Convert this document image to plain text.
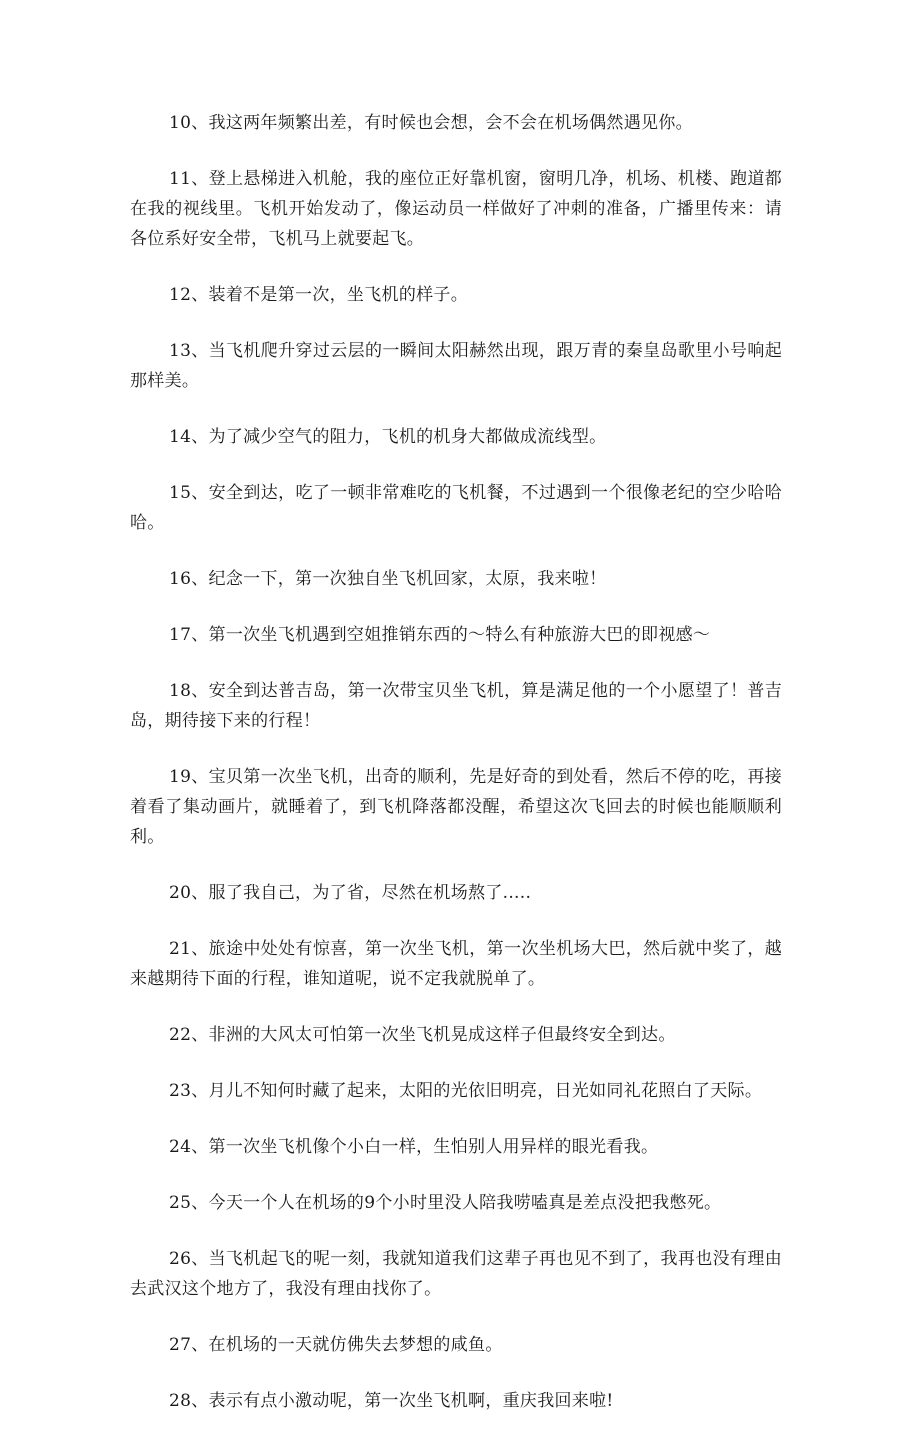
10、我这两年频繁出差，有时候也会想，会不会在机场偶然遇见你。

11、登上悬梯进入机舱，我的座位正好靠机窗，窗明几净，机场、机楼、跑道都在我的视线里。飞机开始发动了，像运动员一样做好了冲刺的准备，广播里传来：请各位系好安全带，飞机马上就要起飞。

12、装着不是第一次，坐飞机的样子。

13、当飞机爬升穿过云层的一瞬间太阳赫然出现，跟万青的秦皇岛歌里小号响起那样美。

14、为了减少空气的阻力，飞机的机身大都做成流线型。

15、安全到达，吃了一顿非常难吃的飞机餐，不过遇到一个很像老纪的空少哈哈哈。

16、纪念一下，第一次独自坐飞机回家，太原，我来啦！

17、第一次坐飞机遇到空姐推销东西的～特么有种旅游大巴的即视感～

18、安全到达普吉岛，第一次带宝贝坐飞机，算是满足他的一个小愿望了！普吉岛，期待接下来的行程！

19、宝贝第一次坐飞机，出奇的顺利，先是好奇的到处看，然后不停的吃，再接着看了集动画片，就睡着了，到飞机降落都没醒，希望这次飞回去的时候也能顺顺利利。

20、服了我自己，为了省，尽然在机场熬了.....

21、旅途中处处有惊喜，第一次坐飞机，第一次坐机场大巴，然后就中奖了，越来越期待下面的行程，谁知道呢，说不定我就脱单了。

22、非洲的大风太可怕第一次坐飞机晃成这样子但最终安全到达。

23、月儿不知何时藏了起来，太阳的光依旧明亮，日光如同礼花照白了天际。

24、第一次坐飞机像个小白一样，生怕别人用异样的眼光看我。

25、今天一个人在机场的9个小时里没人陪我唠嗑真是差点没把我憋死。

26、当飞机起飞的呢一刻，我就知道我们这辈子再也见不到了，我再也没有理由去武汉这个地方了，我没有理由找你了。

27、在机场的一天就仿佛失去梦想的咸鱼。

28、表示有点小激动呢，第一次坐飞机啊，重庆我回来啦!
